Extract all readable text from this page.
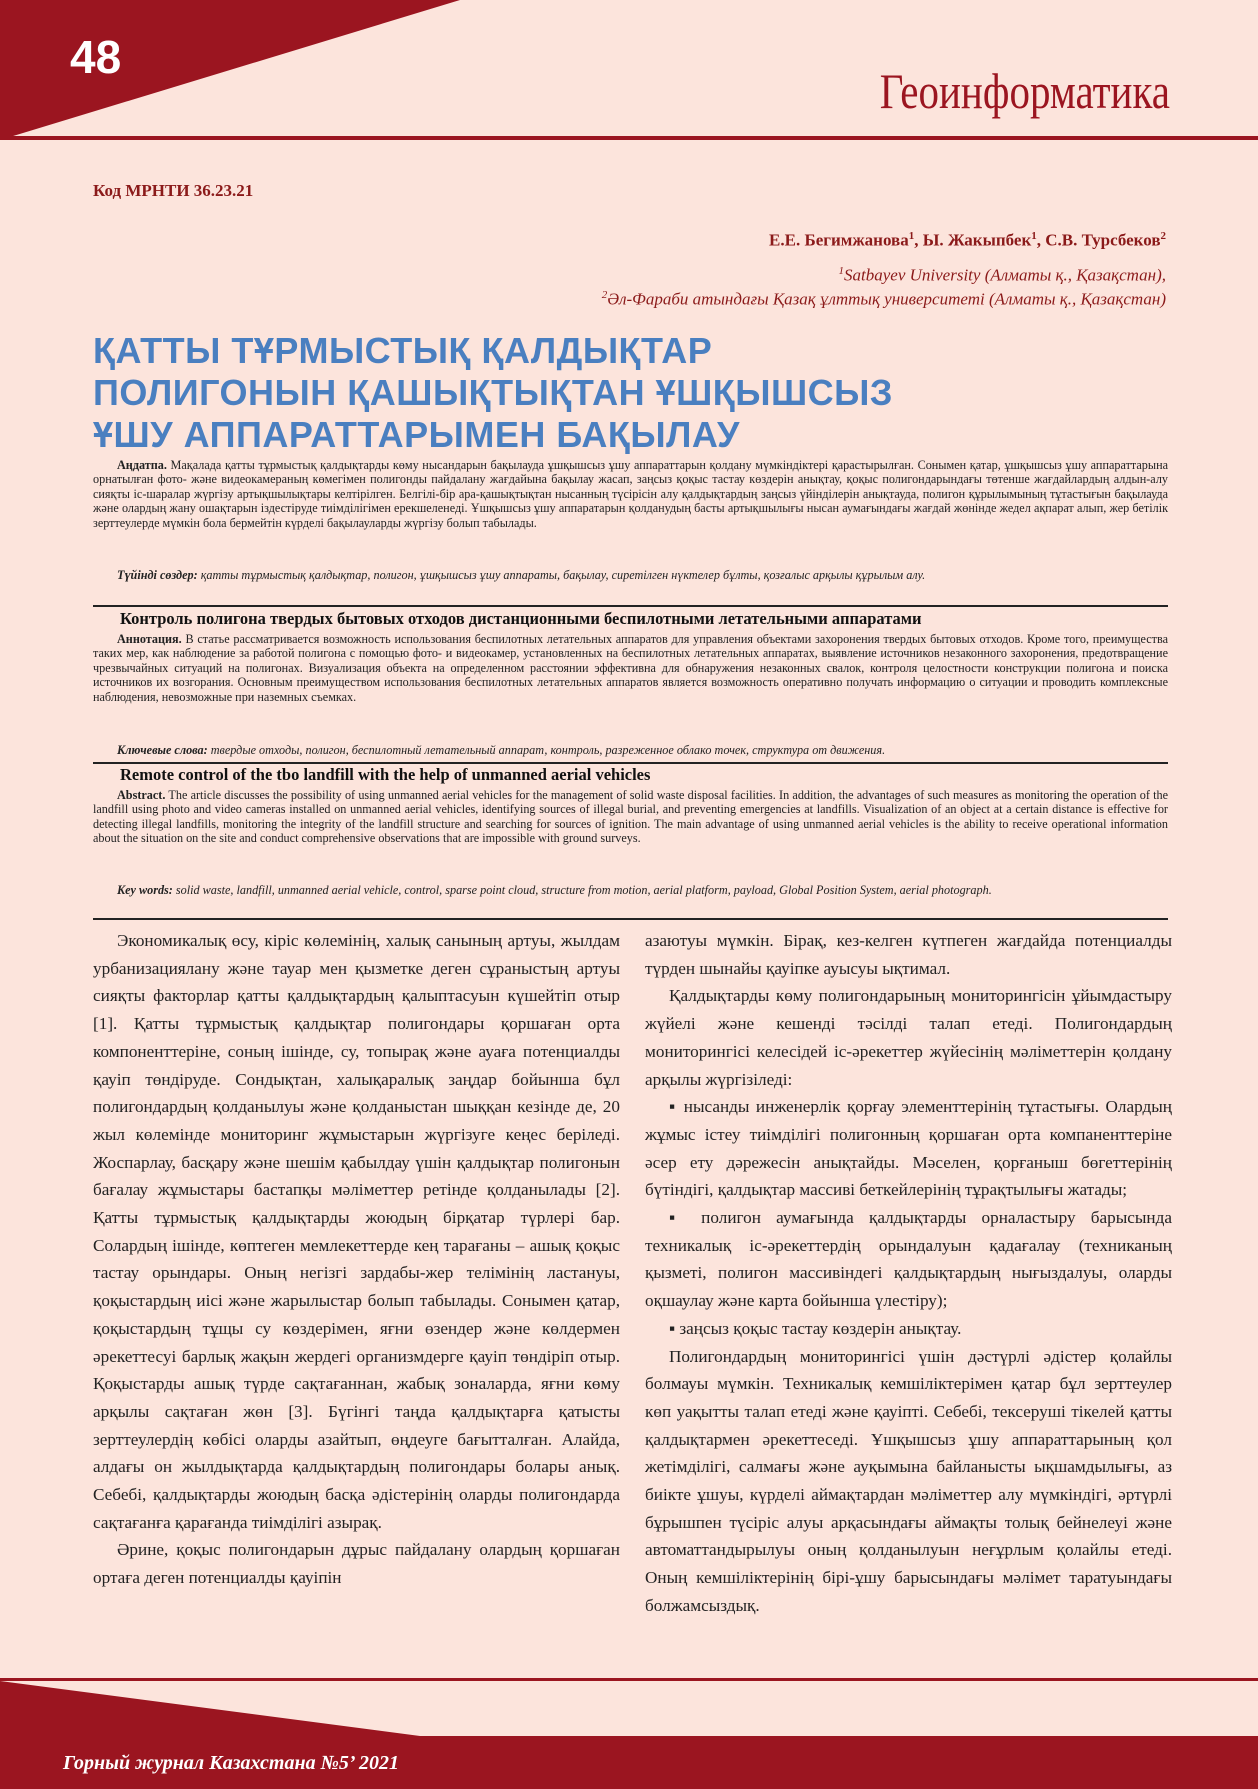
48
Геоинформатика
Код МРНТИ 36.23.21
Е.Е. Бегимжанова$^1$, Ы. Жакыпбек$^1$, С.В. Турсбеков$^2$
$^1$Satbayev University (Алматы қ., Қазақстан),
$^2$Әл-Фараби атындағы Қазақ ұлттық университеті (Алматы қ., Қазақстан)
ҚАТТЫ ТҰРМЫСТЫҚ ҚАЛДЫҚТАР
ПОЛИГОНЫН ҚАШЫҚТЫҚТАН ҰШҚЫШСЫЗ
ҰШУ АППАРАТТАРЫМЕН БАҚЫЛАУ
Аңдатпа. Мақалада қатты тұрмыстық қалдықтарды көму нысандарын бақылауда ұшқышсыз ұшу аппараттарын қолдану мүмкіндіктері қарастырылған. Сонымен қатар, ұшқышсыз ұшу аппараттарына орнатылған фото- және видеокамераның көмегімен полигонды пайдалану жағдайына бақылау жасап, заңсыз қоқыс тастау көздерін анықтау, қоқыс полигондарындағы төтенше жағдайлардың алдын-алу сияқты іс-шаралар жүргізу артықшылықтары келтірілген. Белгілі-бір ара-қашықтықтан нысанның түсірісін алу қалдықтардың заңсыз үйінділерін анықтауда, полигон құрылымының тұтастығын бақылауда және олардың жану ошақтарын іздестіруде тиімділігімен ерекшеленеді. Ұшқышсыз ұшу аппаратарын қолданудың басты артықшылығы нысан аумағындағы жағдай жөнінде жедел ақпарат алып, жер бетілік зерттеулерде мүмкін бола бермейтін күрделі бақылауларды жүргізу болып табылады.
Түйінді сөздер: қатты тұрмыстық қалдықтар, полигон, ұшқышсыз ұшу аппараты, бақылау, сиретілген нүктелер бұлты, қозғалыс арқылы құрылым алу.
Контроль полигона твердых бытовых отходов дистанционными беспилотными летательными аппаратами
Аннотация. В статье рассматривается возможность использования беспилотных летательных аппаратов для управления объектами захоронения твердых бытовых отходов. Кроме того, преимущества таких мер, как наблюдение за работой полигона с помощью фото- и видеокамер, установленных на беспилотных летательных аппаратах, выявление источников незаконного захоронения, предотвращение чрезвычайных ситуаций на полигонах. Визуализация объекта на определенном расстоянии эффективна для обнаружения незаконных свалок, контроля целостности конструкции полигона и поиска источников их возгорания. Основным преимуществом использования беспилотных летательных аппаратов является возможность оперативно получать информацию о ситуации и проводить комплексные наблюдения, невозможные при наземных съемках.
Ключевые слова: твердые отходы, полигон, беспилотный летательный аппарат, контроль, разреженное облако точек, структура от движения.
Remote control of the tbo landfill with the help of unmanned aerial vehicles
Abstract. The article discusses the possibility of using unmanned aerial vehicles for the management of solid waste disposal facilities. In addition, the advantages of such measures as monitoring the operation of the landfill using photo and video cameras installed on unmanned aerial vehicles, identifying sources of illegal burial, and preventing emergencies at landfills. Visualization of an object at a certain distance is effective for detecting illegal landfills, monitoring the integrity of the landfill structure and searching for sources of ignition. The main advantage of using unmanned aerial vehicles is the ability to receive operational information about the situation on the site and conduct comprehensive observations that are impossible with ground surveys.
Key words: solid waste, landfill, unmanned aerial vehicle, control, sparse point cloud, structure from motion, aerial platform, payload, Global Position System, aerial photograph.

Экономикалық өсу, кіріс көлемінің, халық санының артуы, жылдам урбанизациялану және тауар мен қызметке деген сұраныстың артуы сияқты факторлар қатты қалдықтардың қалыптасуын күшейтіп отыр [1]. Қатты тұрмыстық қалдықтар полигондары қоршаған орта компоненттеріне, соның ішінде, су, топырақ және ауаға потенциалды қауіп төндіруде. Сондықтан, халықаралық заңдар бойынша бұл полигондардың қолданылуы және қолданыстан шыққан кезінде де, 20 жыл көлемінде мониторинг жұмыстарын жүргізуге кеңес беріледі. Жоспарлау, басқару және шешім қабылдау үшін қалдықтар полигонын бағалау жұмыстары бастапқы мәліметтер ретінде қолданылады [2]. Қатты тұрмыстық қалдықтарды жоюдың бірқатар түрлері бар. Солардың ішінде, көптеген мемлекеттерде кең тарағаны – ашық қоқыс тастау орындары. Оның негізгі зардабы-жер телімінің ластануы, қоқыстардың иісі және жарылыстар болып табылады. Сонымен қатар, қоқыстардың тұщы су көздерімен, яғни өзендер және көлдермен әрекеттесуі барлық жақын жердегі организмдерге қауіп төндіріп отыр. Қоқыстарды ашық түрде сақтағаннан, жабық зоналарда, яғни көму арқылы сақтаған жөн [3]. Бүгінгі таңда қалдықтарға қатысты зерттеулердің көбісі оларды азайтып, өңдеуге бағытталған. Алайда, алдағы он жылдықтарда қалдықтардың полигондары болары анық. Себебі, қалдықтарды жоюдың басқа әдістерінің оларды полигондарда сақтағанға қарағанда тиімділігі азырақ.

Әрине, қоқыс полигондарын дұрыс пайдалану олардың қоршаған ортаға деген потенциалды қауіпін

азаютуы мүмкін. Бірақ, кез-келген күтпеген жағдайда потенциалды түрден шынайы қауіпке ауысуы ықтимал.

Қалдықтарды көму полигондарының мониторингісін ұйымдастыру жүйелі және кешенді тәсілді талап етеді. Полигондардың мониторингісі келесідей іс-әрекеттер жүйесінің мәліметтерін қолдану арқылы жүргізіледі:

▪ нысанды инженерлік қорғау элементтерінің тұтастығы. Олардың жұмыс істеу тиімділігі полигонның қоршаған орта компаненттеріне әсер ету дәрежесін анықтайды. Мәселен, қорғаныш бөгеттерінің бүтіндігі, қалдықтар массиві беткейлерінің тұрақтылығы жатады;

▪ полигон аумағында қалдықтарды орналастыру барысында техникалық іс-әрекеттердің орындалуын қадағалау (техниканың қызметі, полигон массивіндегі қалдықтардың нығыздалуы, оларды оқшаулау және карта бойынша үлестіру);

▪ заңсыз қоқыс тастау көздерін анықтау.

Полигондардың мониторингісі үшін дәстүрлі әдістер қолайлы болмауы мүмкін. Техникалық кемшіліктерімен қатар бұл зерттеулер көп уақытты талап етеді және қауіпті. Себебі, тексеруші тікелей қатты қалдықтармен әрекеттеседі. Ұшқышсыз ұшу аппараттарының қол жетімділігі, салмағы және ауқымына байланысты ықшамдылығы, аз биікте ұшуы, күрделі аймақтардан мәліметтер алу мүмкіндігі, әртүрлі бұрышпен түсіріс алуы арқасындағы аймақты толық бейнелеуі және автоматтандырылуы оның қолданылуын неғұрлым қолайлы етеді. Оның кемшіліктерінің бірі-ұшу барысындағы мәлімет таратуындағы болжамсыздық.

Горный журнал Казахстана №5’ 2021
